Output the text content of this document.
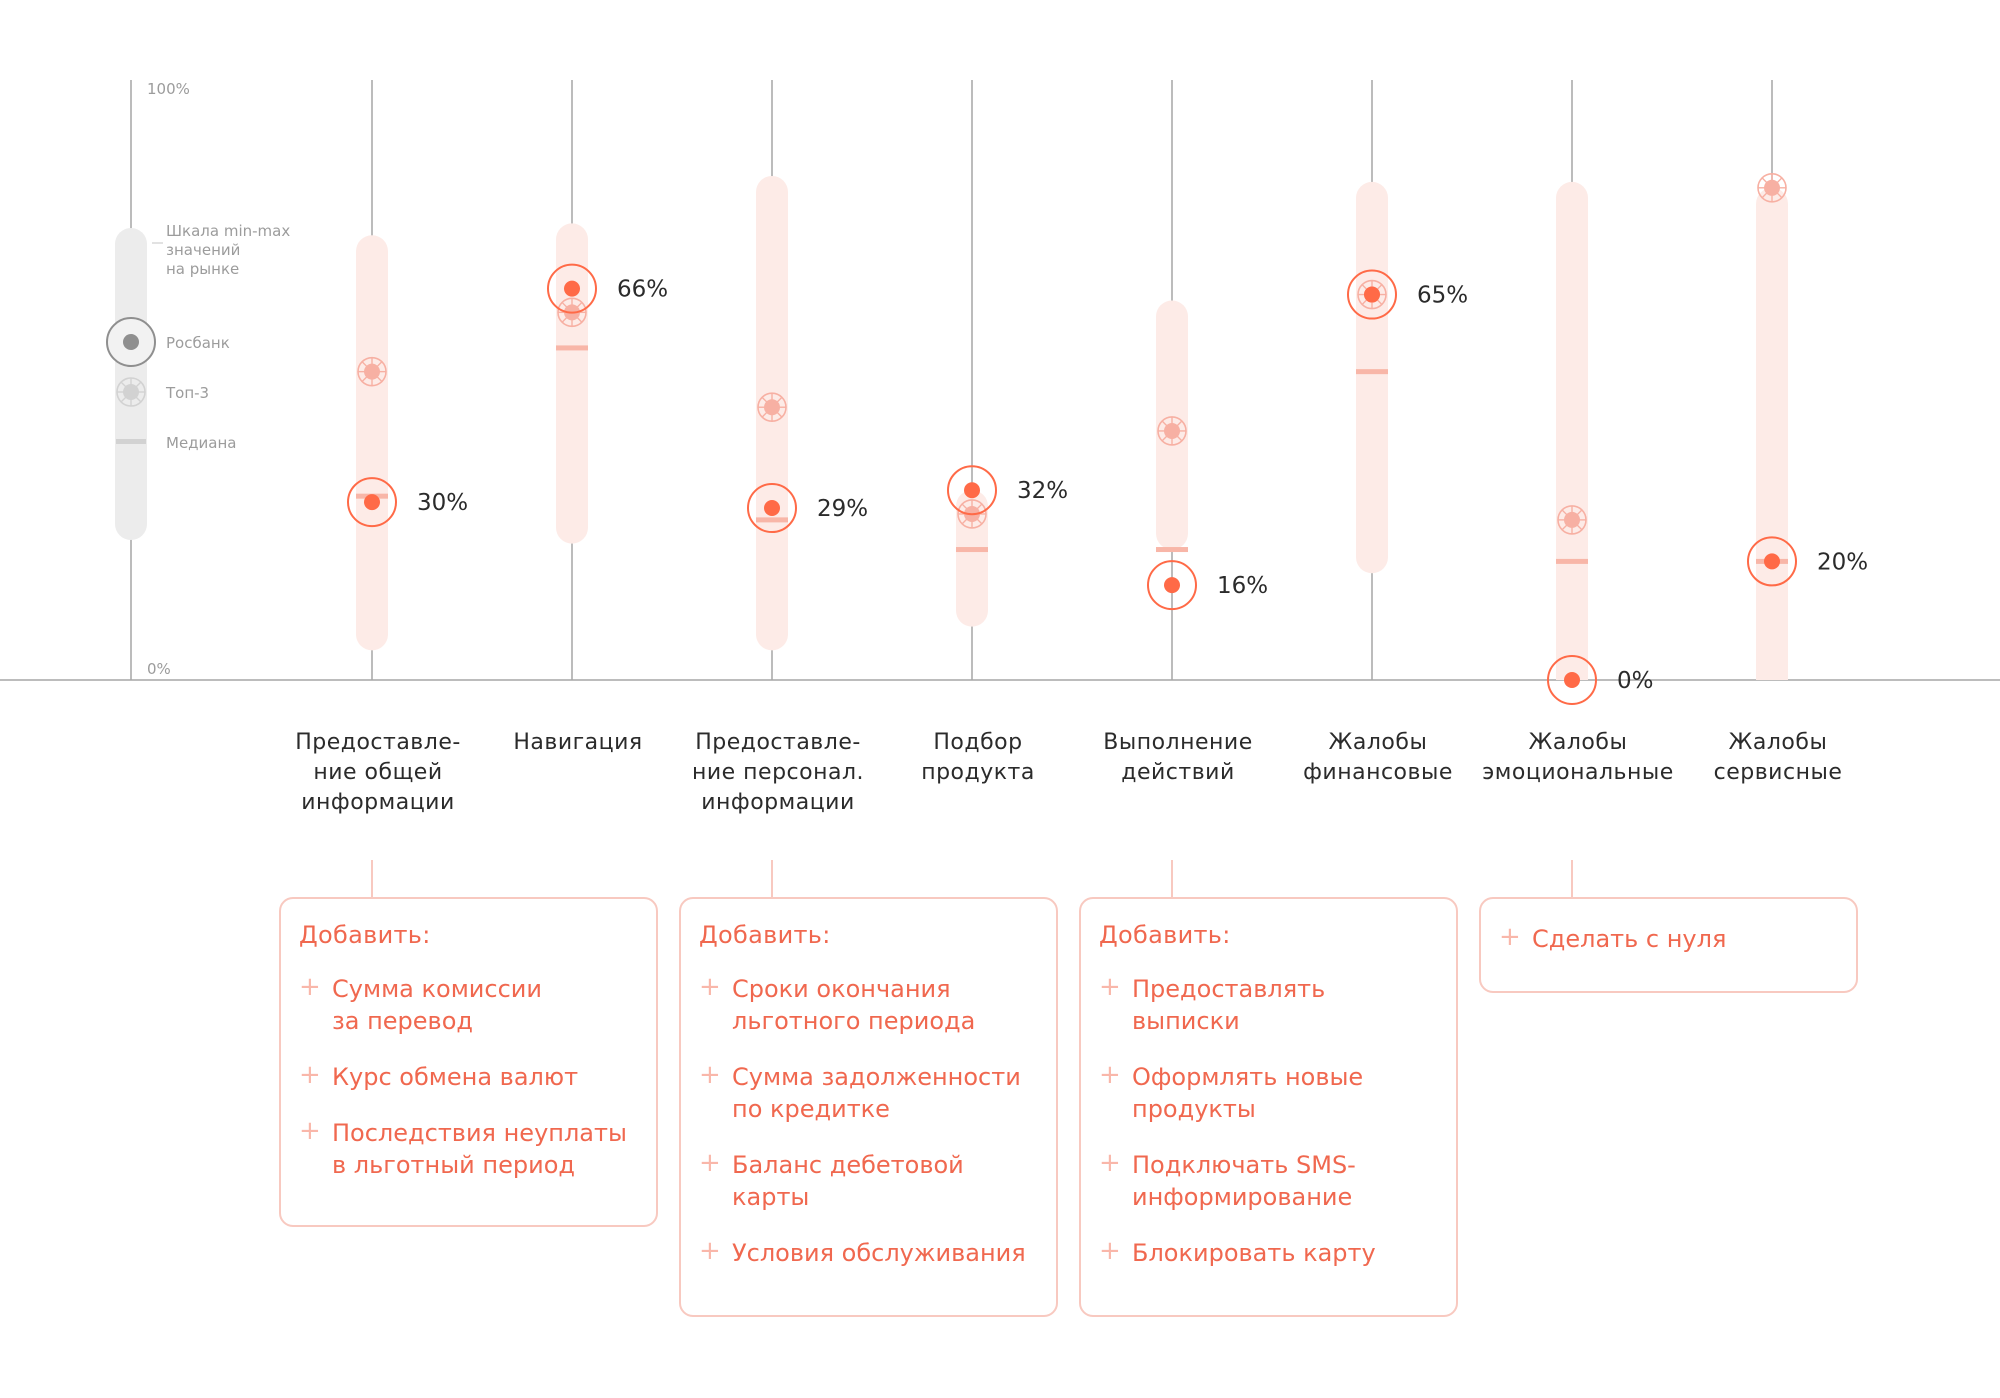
100%
0%
Шкала min-max
значений
на рынке
Росбанк
Топ-3
Медиана
30%
66%
29%
32%
16%
65%
0%
20%
Предоставле-
ние общей
информации
Навигация	Предоставле-
ние персонал.
информации
Подбор
продукта
Выполнение
действий
Жалобы
финансовые
Жалобы
эмоциональные
Жалобы
сервисные
Добавить:
+ Сумма комиссии
за перевод
+ Курс обмена валют
+ Последствия неуплаты
в льготный период
Добавить:
+ Сроки окончания
льготного периода
+ Сумма задолженности
по кредитке
+ Баланс дебетовой
карты
+ Условия обслуживания
Добавить:
+ Предоставлять
выписки
+ Оформлять новые
продукты
+ Подключать SMS-
информирование
+ Блокировать карту
+ Сделать с нуля
